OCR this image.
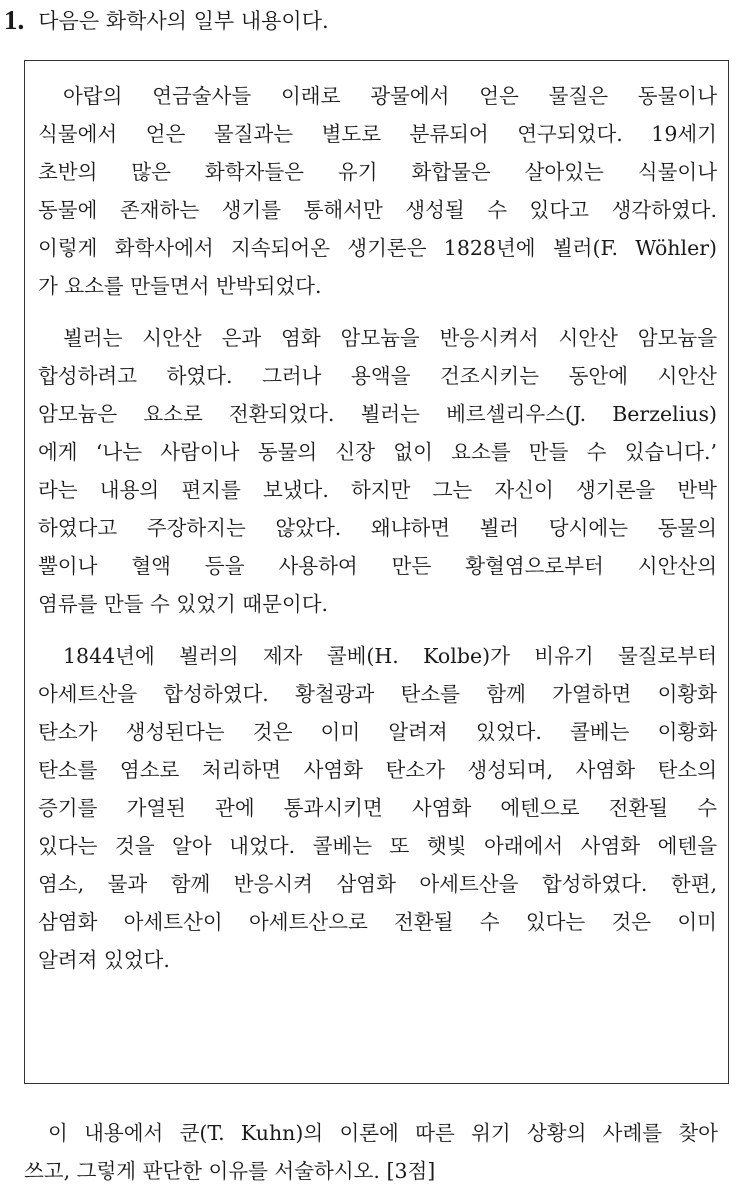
1. 다음은 화학사의 일부 내용이다.
아랍의 연금술사들 이래로 광물에서 얻은 물질은 동물이나
식물에서 얻은 물질과는 별도로 분류되어 연구되었다. 19세기
초반의 많은 화학자들은 유기 화합물은 살아있는 식물이나
동물에 존재하는 생기를 통해서만 생성될 수 있다고 생각하였다.
이렇게 화학사에서 지속되어온 생기론은 1828년에 뵐러(F. Wöhler)
가 요소를 만들면서 반박되었다.
뵐러는 시안산 은과 염화 암모늄을 반응시켜서 시안산 암모늄을
합성하려고 하였다. 그러나 용액을 건조시키는 동안에 시안산
암모늄은 요소로 전환되었다. 뵐러는 베르셀리우스(J. Berzelius)
에게 ‘나는 사람이나 동물의 신장 없이 요소를 만들 수 있습니다.’
라는 내용의 편지를 보냈다. 하지만 그는 자신이 생기론을 반박
하였다고 주장하지는 않았다. 왜냐하면 뵐러 당시에는 동물의
뿔이나 혈액 등을 사용하여 만든 황혈염으로부터 시안산의
염류를 만들 수 있었기 때문이다.
1844년에 뵐러의 제자 콜베(H. Kolbe)가 비유기 물질로부터
아세트산을 합성하였다. 황철광과 탄소를 함께 가열하면 이황화
탄소가 생성된다는 것은 이미 알려져 있었다. 콜베는 이황화
탄소를 염소로 처리하면 사염화 탄소가 생성되며, 사염화 탄소의
증기를 가열된 관에 통과시키면 사염화 에텐으로 전환될 수
있다는 것을 알아 내었다. 콜베는 또 햇빛 아래에서 사염화 에텐을
염소, 물과 함께 반응시켜 삼염화 아세트산을 합성하였다. 한편,
삼염화 아세트산이 아세트산으로 전환될 수 있다는 것은 이미
알려져 있었다.
이 내용에서 쿤(T. Kuhn)의 이론에 따른 위기 상황의 사례를 찾아
쓰고, 그렇게 판단한 이유를 서술하시오. [3점]
